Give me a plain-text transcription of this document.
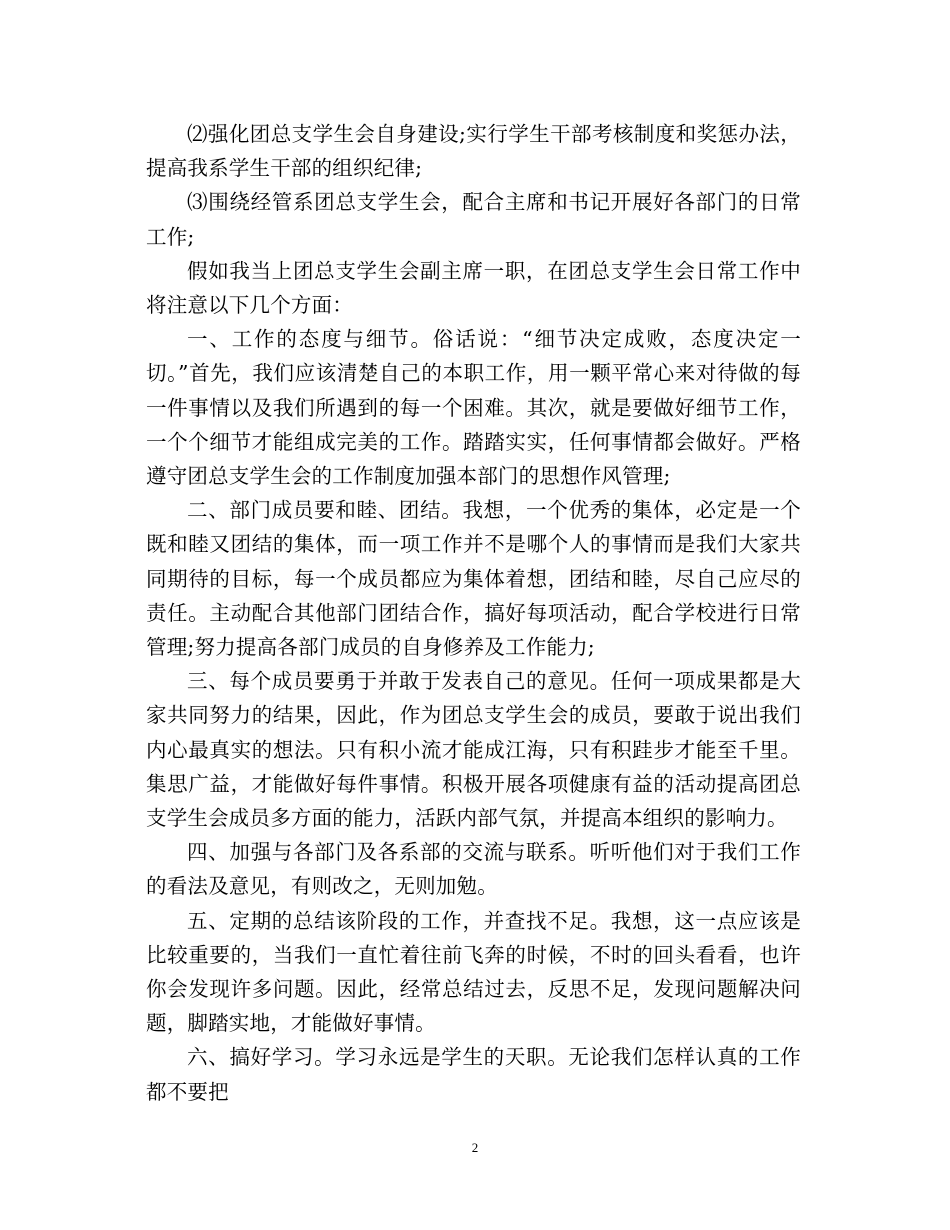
⑵强化团总支学生会自身建设;实行学生干部考核制度和奖惩办法，提高我系学生干部的组织纪律;

⑶围绕经管系团总支学生会，配合主席和书记开展好各部门的日常工作;

假如我当上团总支学生会副主席一职，在团总支学生会日常工作中将注意以下几个方面：

一、工作的态度与细节。俗话说：“细节决定成败，态度决定一切。”首先，我们应该清楚自己的本职工作，用一颗平常心来对待做的每一件事情以及我们所遇到的每一个困难。其次，就是要做好细节工作，一个个细节才能组成完美的工作。踏踏实实，任何事情都会做好。严格遵守团总支学生会的工作制度加强本部门的思想作风管理;

二、部门成员要和睦、团结。我想，一个优秀的集体，必定是一个既和睦又团结的集体，而一项工作并不是哪个人的事情而是我们大家共同期待的目标，每一个成员都应为集体着想，团结和睦，尽自己应尽的责任。主动配合其他部门团结合作，搞好每项活动，配合学校进行日常管理;努力提高各部门成员的自身修养及工作能力;

三、每个成员要勇于并敢于发表自己的意见。任何一项成果都是大家共同努力的结果，因此，作为团总支学生会的成员，要敢于说出我们内心最真实的想法。只有积小流才能成江海，只有积跬步才能至千里。集思广益，才能做好每件事情。积极开展各项健康有益的活动提高团总支学生会成员多方面的能力，活跃内部气氛，并提高本组织的影响力。

四、加强与各部门及各系部的交流与联系。听听他们对于我们工作的看法及意见，有则改之，无则加勉。

五、定期的总结该阶段的工作，并查找不足。我想，这一点应该是比较重要的，当我们一直忙着往前飞奔的时候，不时的回头看看，也许你会发现许多问题。因此，经常总结过去，反思不足，发现问题解决问题，脚踏实地，才能做好事情。

六、搞好学习。学习永远是学生的天职。无论我们怎样认真的工作都不要把

2
